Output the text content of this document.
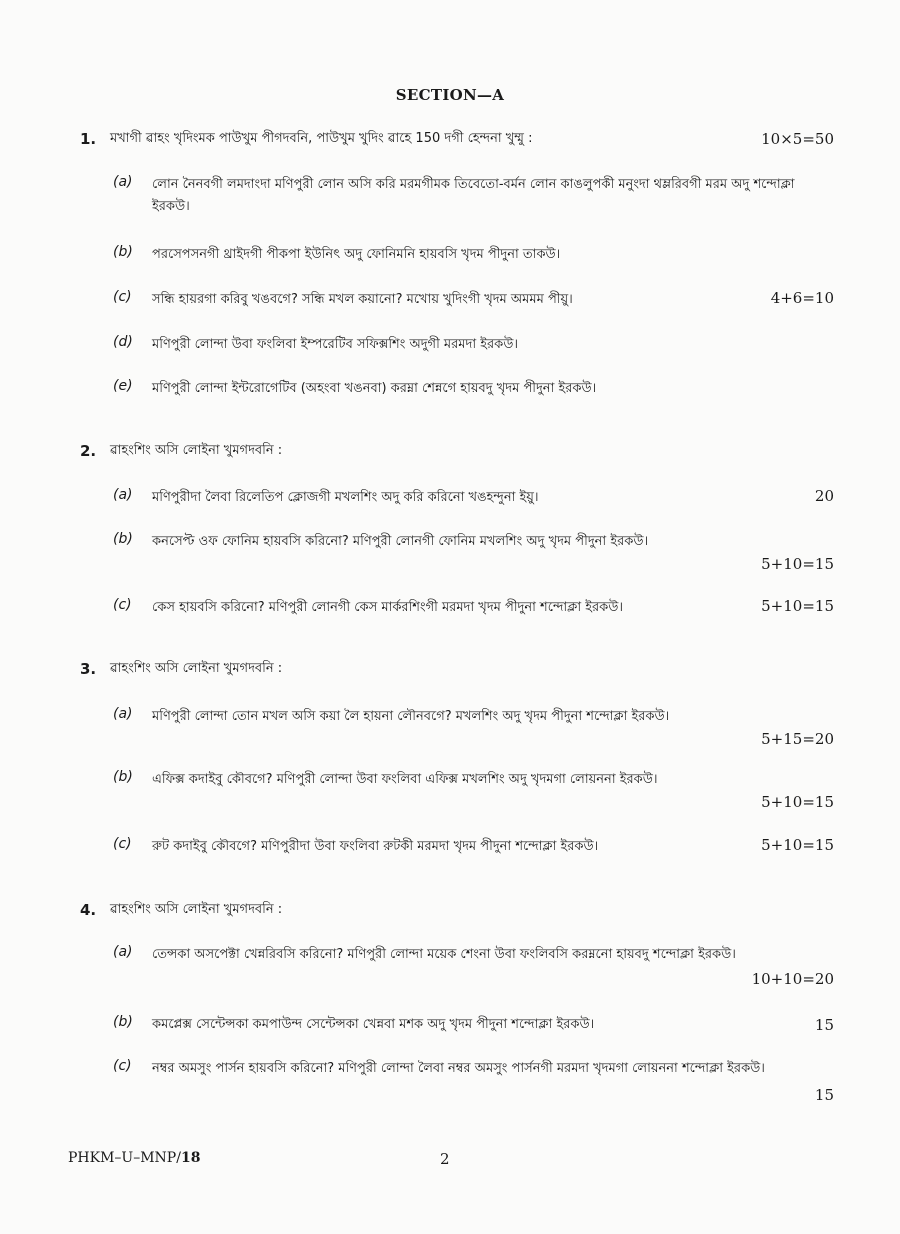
SECTION—A
1. মখাগী ৱাহং খৃদিংমক পাউখুম পীগদবনি, পাউখুম খুদিং ৱাহে 150 দগী হেন্দনা খুম্মু :	10×5=50
(a) লোন নৈনবগী লমদাংদা মণিপুরী লোন অসি করি মরমগীমক তিবেতো-বর্মন লোন কাঙলুপকী মনুংদা থম্লরিবগী মরম অদু শন্দোক্লা ইরকউ।
(b) পরসেপসনগী থ্রাইদগী পীকপা ইউনিৎ অদু ফোনিমনি হায়বসি খৃদম পীদুনা তাকউ।
(c) সন্ধি হায়রগা করিবু খঙবগে? সন্ধি মখল কয়ানো? মখোয় খুদিংগী খৃদম অমমম পীয়ু।	4+6=10
(d) মণিপুরী লোন্দা উবা ফংলিবা ইম্পরেটিব সফিক্সশিং অদুগী মরমদা ইরকউ।
(e) মণিপুরী লোন্দা ইন্টরোগেটিব (অহংবা খঙনবা) করম্না শেন্নগে হায়বদু খৃদম পীদুনা ইরকউ।
2. ৱাহংশিং অসি লোইনা খুমগদবনি :
(a) মণিপুরীদা লৈবা রিলেতিপ ক্লোজগী মখলশিং অদু করি করিনো খঙহন্দুনা ইয়ু।	20
(b) কনসেপ্ট ওফ ফোনিম হায়বসি করিনো? মণিপুরী লোনগী ফোনিম মখলশিং অদু খৃদম পীদুনা ইরকউ।
5+10=15
(c) কেস হায়বসি করিনো? মণিপুরী লোনগী কেস মার্করশিংগী মরমদা খৃদম পীদুনা শন্দোক্লা ইরকউ।	5+10=15
3. ৱাহংশিং অসি লোইনা খুমগদবনি :
(a) মণিপুরী লোন্দা তোন মখল অসি কয়া লৈ হায়না লৌনবগে? মখলশিং অদু খৃদম পীদুনা শন্দোক্লা ইরকউ।
5+15=20
(b) এফিক্স কদাইবু কৌবগে? মণিপুরী লোন্দা উবা ফংলিবা এফিক্স মখলশিং অদু খৃদমগা লোয়ননা ইরকউ।
5+10=15
(c) রুট কদাইবু কৌবগে? মণিপুরীদা উবা ফংলিবা রুটকী মরমদা খৃদম পীদুনা শন্দোক্লা ইরকউ।	5+10=15
4. ৱাহংশিং অসি লোইনা খুমগদবনি :
(a) তেন্সকা অসপেক্টা খেন্নরিবসি করিনো? মণিপুরী লোন্দা ময়েক শেংনা উবা ফংলিবসি করম্ননো হায়বদু শন্দোক্লা ইরকউ।
10+10=20
(b) কমপ্লেক্স সেন্টেন্সকা কমপাউন্দ সেন্টেন্সকা খেন্নবা মশক অদু খৃদম পীদুনা শন্দোক্লা ইরকউ।	15
(c) নম্বর অমসুং পার্সন হায়বসি করিনো? মণিপুরী লোন্দা লৈবা নম্বর অমসুং পার্সনগী মরমদা খৃদমগা লোয়ননা শন্দোক্লা ইরকউ।
15
PHKM–U–MNP/18	2
